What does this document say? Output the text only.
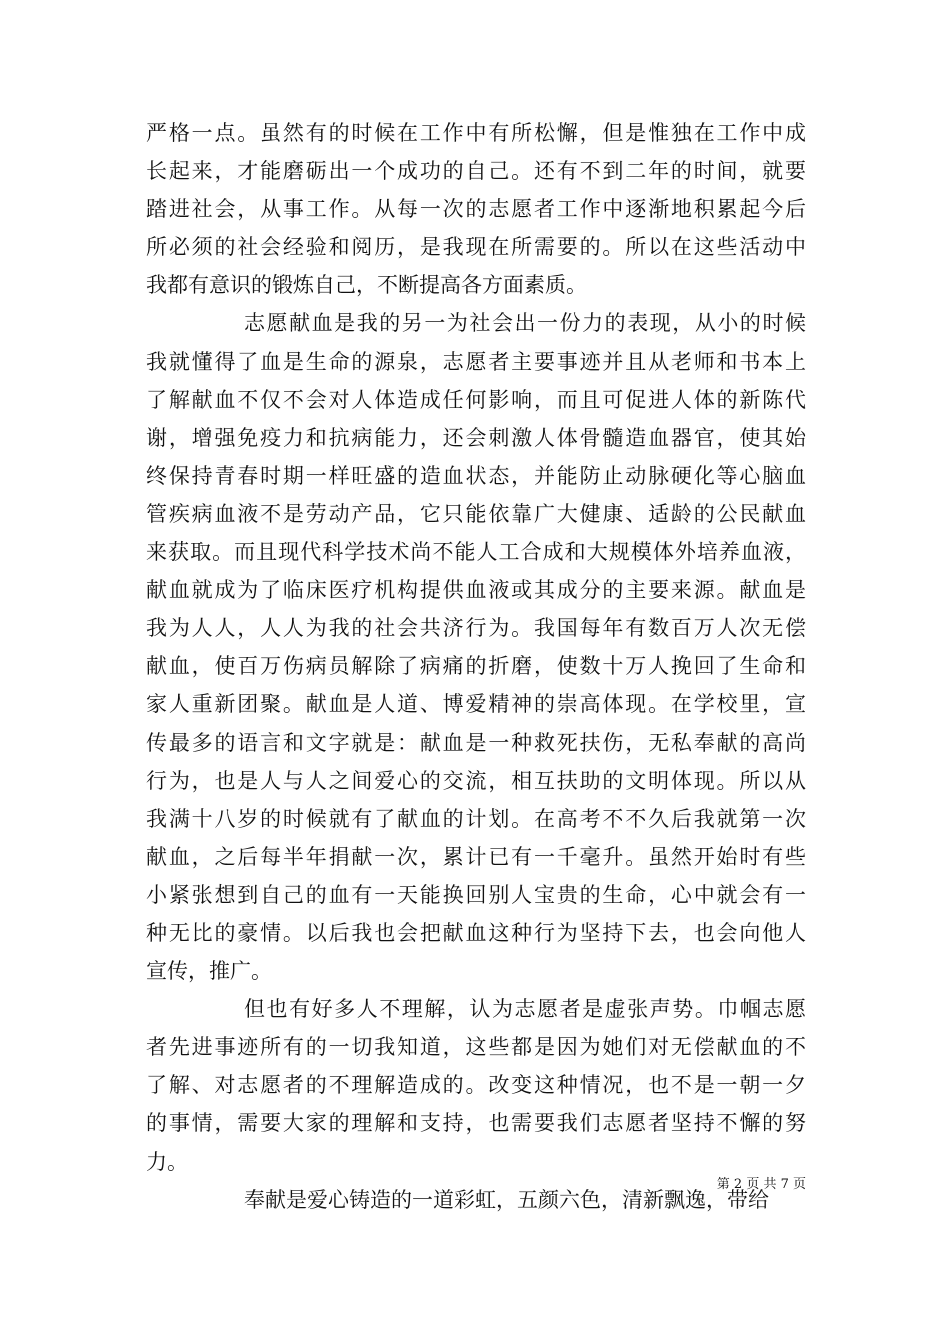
严格一点。虽然有的时候在工作中有所松懈，但是惟独在工作中成
长起来，才能磨砺出一个成功的自己。还有不到二年的时间，就要
踏进社会，从事工作。从每一次的志愿者工作中逐渐地积累起今后
所必须的社会经验和阅历，是我现在所需要的。所以在这些活动中
我都有意识的锻炼自己，不断提高各方面素质。
志愿献血是我的另一为社会出一份力的表现，从小的时候
我就懂得了血是生命的源泉，志愿者主要事迹并且从老师和书本上
了解献血不仅不会对人体造成任何影响，而且可促进人体的新陈代
谢，增强免疫力和抗病能力，还会刺激人体骨髓造血器官，使其始
终保持青春时期一样旺盛的造血状态，并能防止动脉硬化等心脑血
管疾病血液不是劳动产品，它只能依靠广大健康、适龄的公民献血
来获取。而且现代科学技术尚不能人工合成和大规模体外培养血液，
献血就成为了临床医疗机构提供血液或其成分的主要来源。献血是
我为人人，人人为我的社会共济行为。我国每年有数百万人次无偿
献血，使百万伤病员解除了病痛的折磨，使数十万人挽回了生命和
家人重新团聚。献血是人道、博爱精神的崇高体现。在学校里，宣
传最多的语言和文字就是：献血是一种救死扶伤，无私奉献的高尚
行为，也是人与人之间爱心的交流，相互扶助的文明体现。所以从
我满十八岁的时候就有了献血的计划。在高考不不久后我就第一次
献血，之后每半年捐献一次，累计已有一千毫升。虽然开始时有些
小紧张想到自己的血有一天能换回别人宝贵的生命，心中就会有一
种无比的豪情。以后我也会把献血这种行为坚持下去，也会向他人
宣传，推广。
但也有好多人不理解，认为志愿者是虚张声势。巾帼志愿
者先进事迹所有的一切我知道，这些都是因为她们对无偿献血的不
了解、对志愿者的不理解造成的。改变这种情况，也不是一朝一夕
的事情，需要大家的理解和支持，也需要我们志愿者坚持不懈的努
力。
奉献是爱心铸造的一道彩虹，五颜六色，清新飘逸，带给
第 2 页 共 7 页
